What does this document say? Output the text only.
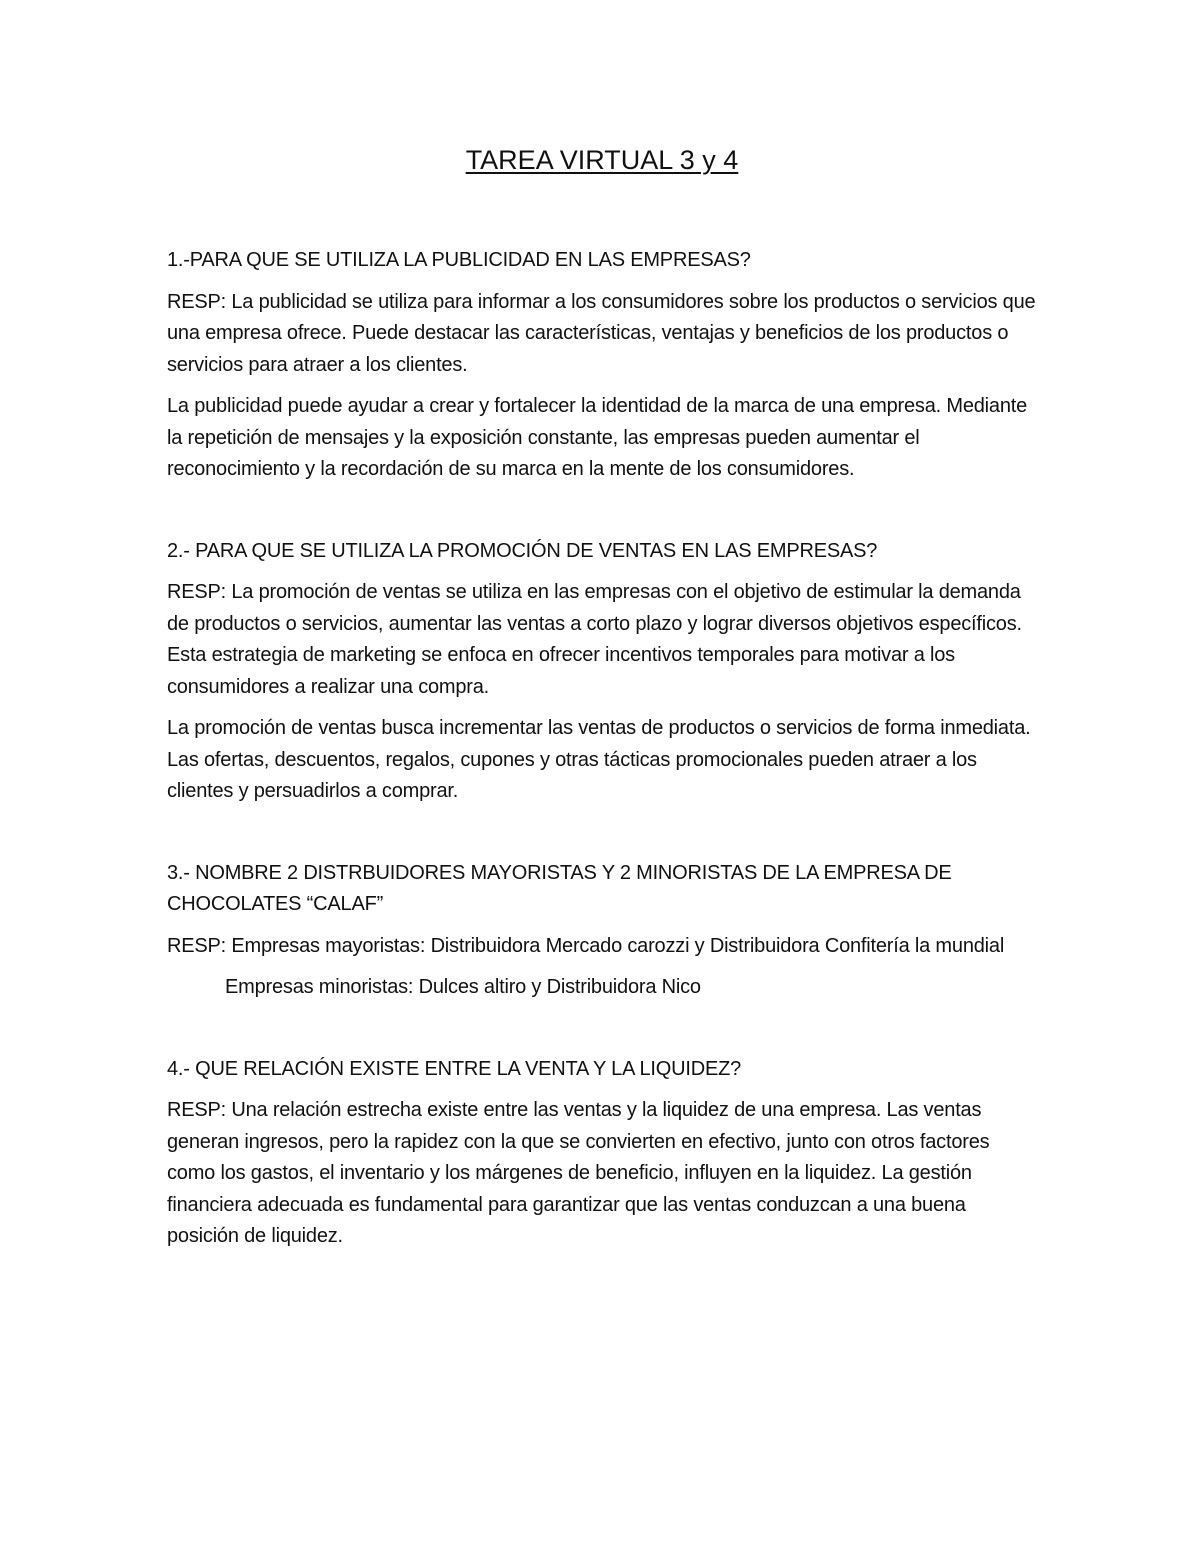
TAREA VIRTUAL 3 y 4
1.-PARA QUE SE UTILIZA LA PUBLICIDAD EN LAS EMPRESAS?
RESP: La publicidad se utiliza para informar a los consumidores sobre los productos o servicios que una empresa ofrece. Puede destacar las características, ventajas y beneficios de los productos o servicios para atraer a los clientes.
La publicidad puede ayudar a crear y fortalecer la identidad de la marca de una empresa. Mediante la repetición de mensajes y la exposición constante, las empresas pueden aumentar el reconocimiento y la recordación de su marca en la mente de los consumidores.
2.- PARA QUE SE UTILIZA LA PROMOCIÓN DE VENTAS EN LAS EMPRESAS?
RESP: La promoción de ventas se utiliza en las empresas con el objetivo de estimular la demanda de productos o servicios, aumentar las ventas a corto plazo y lograr diversos objetivos específicos. Esta estrategia de marketing se enfoca en ofrecer incentivos temporales para motivar a los consumidores a realizar una compra.
La promoción de ventas busca incrementar las ventas de productos o servicios de forma inmediata. Las ofertas, descuentos, regalos, cupones y otras tácticas promocionales pueden atraer a los clientes y persuadirlos a comprar.
3.- NOMBRE 2 DISTRBUIDORES MAYORISTAS Y 2 MINORISTAS DE LA EMPRESA DE CHOCOLATES “CALAF”
RESP: Empresas mayoristas: Distribuidora Mercado carozzi y Distribuidora Confitería la mundial
Empresas minoristas: Dulces altiro y Distribuidora Nico
4.- QUE RELACIÓN EXISTE ENTRE LA VENTA Y LA LIQUIDEZ?
RESP: Una relación estrecha existe entre las ventas y la liquidez de una empresa. Las ventas generan ingresos, pero la rapidez con la que se convierten en efectivo, junto con otros factores como los gastos, el inventario y los márgenes de beneficio, influyen en la liquidez. La gestión financiera adecuada es fundamental para garantizar que las ventas conduzcan a una buena posición de liquidez.
